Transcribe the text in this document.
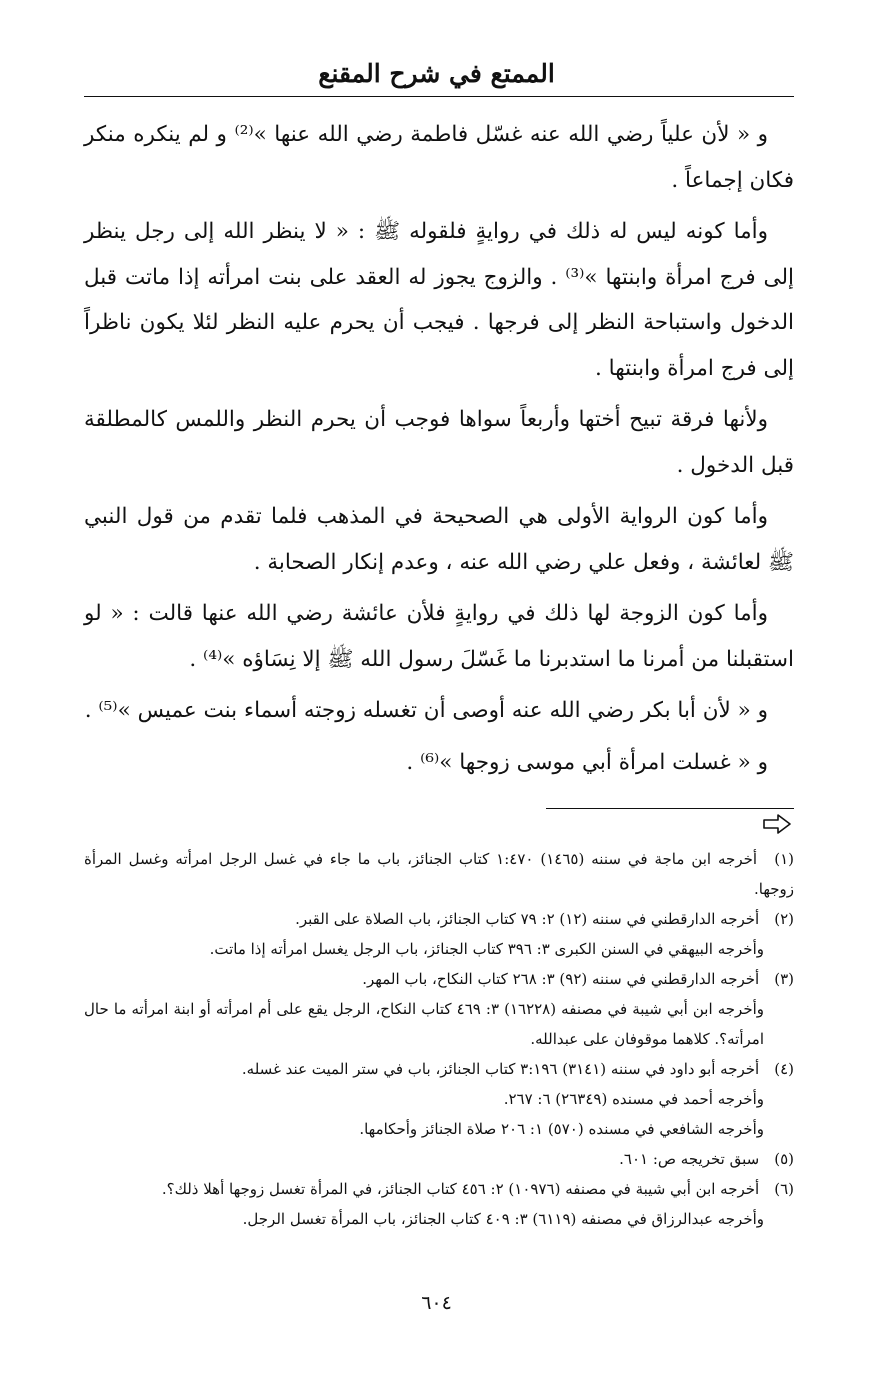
الممتع في شرح المقنع

و « لأن علياً رضي الله عنه غسّل فاطمة رضي الله عنها »⁽²⁾ و لم ينكره منكر فكان إجماعاً .

وأما كونه ليس له ذلك في روايةٍ فلقوله ﷺ : « لا ينظر الله إلى رجل ينظر إلى فرج امرأة وابنتها »⁽³⁾ . والزوج يجوز له العقد على بنت امرأته إذا ماتت قبل الدخول واستباحة النظر إلى فرجها . فيجب أن يحرم عليه النظر لئلا يكون ناظراً إلى فرج امرأة وابنتها .

ولأنها فرقة تبيح أختها وأربعاً سواها فوجب أن يحرم النظر واللمس كالمطلقة قبل الدخول .

وأما كون الرواية الأولى هي الصحيحة في المذهب فلما تقدم من قول النبي ﷺ لعائشة ، وفعل علي رضي الله عنه ، وعدم إنكار الصحابة .

وأما كون الزوجة لها ذلك في روايةٍ فلأن عائشة رضي الله عنها قالت : « لو استقبلنا من أمرنا ما استدبرنا ما غَسّلَ رسول الله ﷺ إلا نِسَاؤه »⁽⁴⁾ .

و « لأن أبا بكر رضي الله عنه أوصى أن تغسله زوجته أسماء بنت عميس »⁽⁵⁾ .

و « غسلت امرأة أبي موسى زوجها »⁽⁶⁾ .

(١) أخرجه ابن ماجة في سننه (١٤٦٥) ١:٤٧٠ كتاب الجنائز، باب ما جاء في غسل الرجل امرأته وغسل المرأة زوجها.

(٢) أخرجه الدارقطني في سننه (١٢) ٢: ٧٩ كتاب الجنائز، باب الصلاة على القبر.

وأخرجه البيهقي في السنن الكبرى ٣: ٣٩٦ كتاب الجنائز، باب الرجل يغسل امرأته إذا ماتت.

(٣) أخرجه الدارقطني في سننه (٩٢) ٣: ٢٦٨ كتاب النكاح، باب المهر.

وأخرجه ابن أبي شيبة في مصنفه (١٦٢٢٨) ٣: ٤٦٩ كتاب النكاح، الرجل يقع على أم امرأته أو ابنة امرأته ما حال امرأته؟. كلاهما موقوفان على عبدالله.

(٤) أخرجه أبو داود في سننه (٣١٤١) ٣:١٩٦ كتاب الجنائز، باب في ستر الميت عند غسله.

وأخرجه أحمد في مسنده (٢٦٣٤٩) ٦: ٢٦٧.

وأخرجه الشافعي في مسنده (٥٧٠) ١: ٢٠٦ صلاة الجنائز وأحكامها.

(٥) سبق تخريجه ص: ٦٠١.

(٦) أخرجه ابن أبي شيبة في مصنفه (١٠٩٧٦) ٢: ٤٥٦ كتاب الجنائز، في المرأة تغسل زوجها أهلا ذلك؟.

وأخرجه عبدالرزاق في مصنفه (٦١١٩) ٣: ٤٠٩ كتاب الجنائز، باب المرأة تغسل الرجل.

٦٠٤
